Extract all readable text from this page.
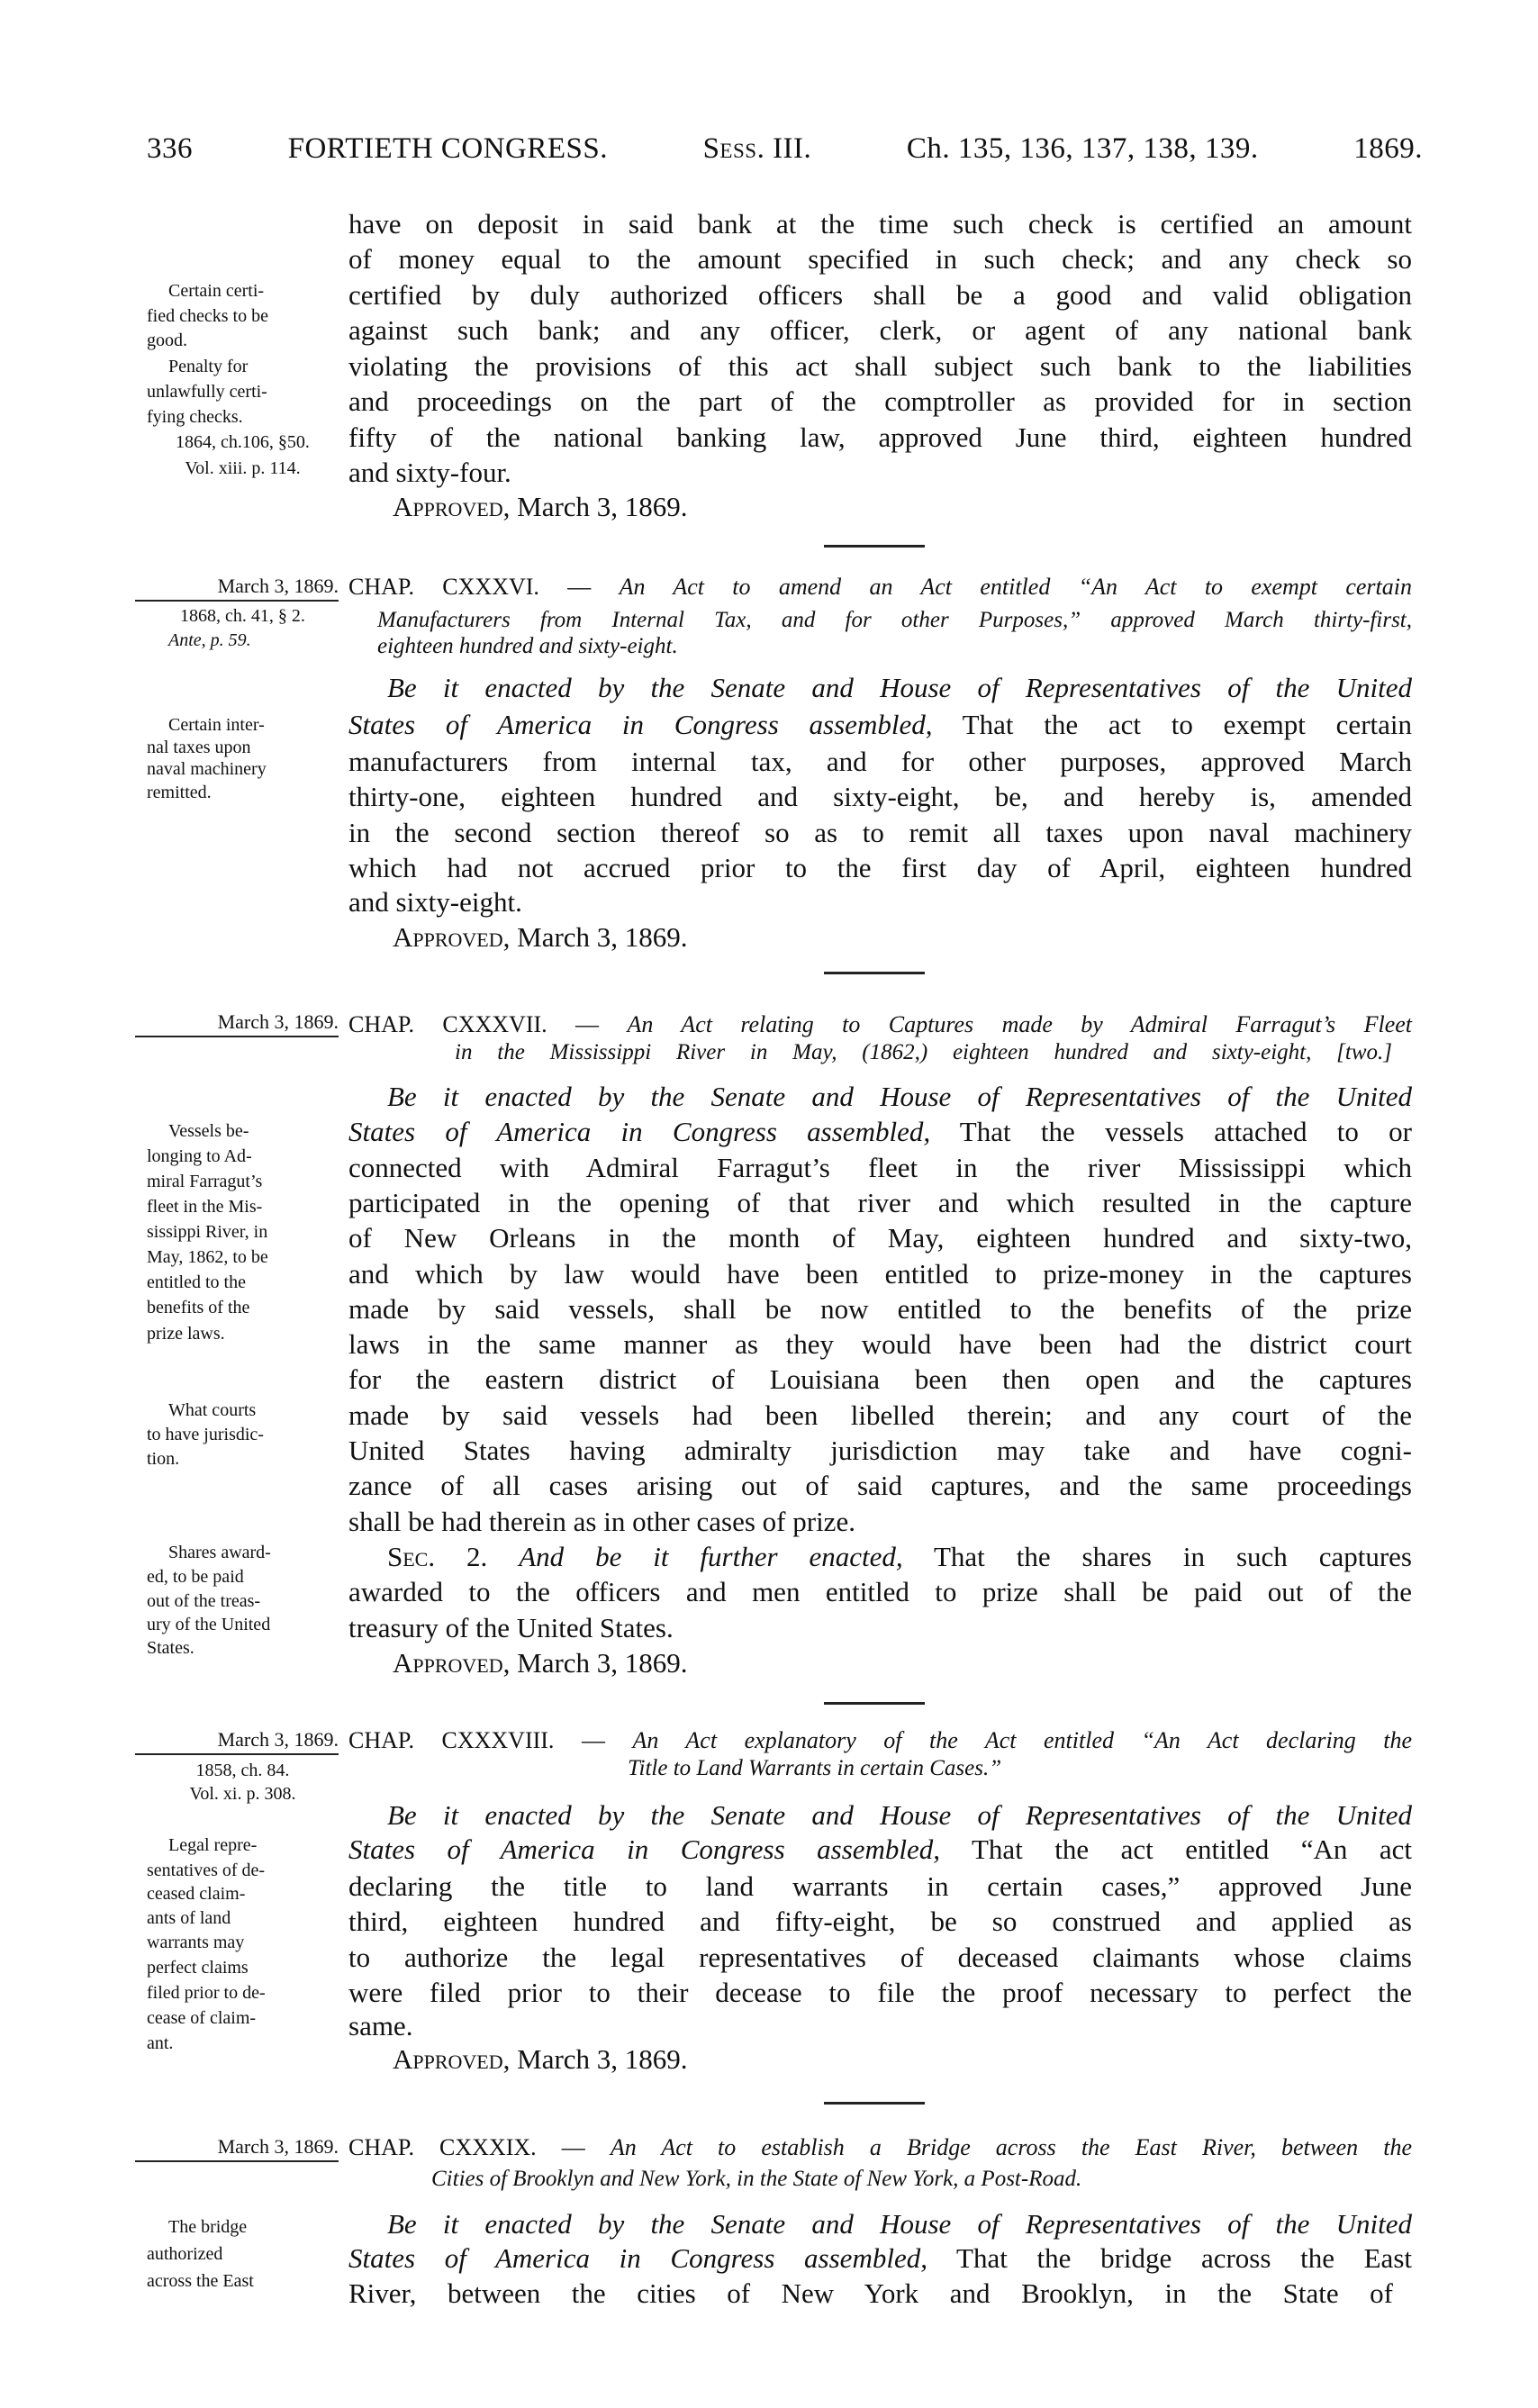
336	FORTIETH CONGRESS.	Sess. III.	Ch. 135, 136, 137, 138, 139.	1869.
Certain certi-
fied checks to be
good.
Penalty for
unlawfully certi-
fying checks.
1864, ch.106, §50.
Vol. xiii. p. 114.
have on deposit in said bank at the time such check is certified an amount
of money equal to the amount specified in such check; and any check so
certified by duly authorized officers shall be a good and valid obligation
against such bank; and any officer, clerk, or agent of any national bank
violating the provisions of this act shall subject such bank to the liabilities
and proceedings on the part of the comptroller as provided for in section
fifty of the national banking law, approved June third, eighteen hundred
and sixty-four.
Approved, March 3, 1869.
March 3, 1869.
1868, ch. 41, § 2.
Ante, p. 59.
Certain inter-
nal taxes upon
naval machinery
remitted.
CHAP. CXXXVI. — An Act to amend an Act entitled “An Act to exempt certain
Manufacturers from Internal Tax, and for other Purposes,” approved March thirty-first,
eighteen hundred and sixty-eight.
Be it enacted by the Senate and House of Representatives of the United
States of America in Congress assembled, That the act to exempt certain
manufacturers from internal tax, and for other purposes, approved March
thirty-one, eighteen hundred and sixty-eight, be, and hereby is, amended
in the second section thereof so as to remit all taxes upon naval machinery
which had not accrued prior to the first day of April, eighteen hundred
and sixty-eight.
Approved, March 3, 1869.
March 3, 1869.
Vessels be-
longing to Ad-
miral Farragut’s
fleet in the Mis-
sissippi River, in
May, 1862, to be
entitled to the
benefits of the
prize laws.
What courts
to have jurisdic-
tion.
Shares award-
ed, to be paid
out of the treas-
ury of the United
States.
CHAP. CXXXVII. — An Act relating to Captures made by Admiral Farragut’s Fleet
in the Mississippi River in May, (1862,) eighteen hundred and sixty-eight, [two.]
Be it enacted by the Senate and House of Representatives of the United
States of America in Congress assembled, That the vessels attached to or
connected with Admiral Farragut’s fleet in the river Mississippi which
participated in the opening of that river and which resulted in the capture
of New Orleans in the month of May, eighteen hundred and sixty-two,
and which by law would have been entitled to prize-money in the captures
made by said vessels, shall be now entitled to the benefits of the prize
laws in the same manner as they would have been had the district court
for the eastern district of Louisiana been then open and the captures
made by said vessels had been libelled therein; and any court of the
United States having admiralty jurisdiction may take and have cogni-
zance of all cases arising out of said captures, and the same proceedings
shall be had therein as in other cases of prize.
Sec. 2. And be it further enacted, That the shares in such captures
awarded to the officers and men entitled to prize shall be paid out of the
treasury of the United States.
Approved, March 3, 1869.
March 3, 1869.
1858, ch. 84.
Vol. xi. p. 308.
Legal repre-
sentatives of de-
ceased claim-
ants of land
warrants may
perfect claims
filed prior to de-
cease of claim-
ant.
CHAP. CXXXVIII. — An Act explanatory of the Act entitled “An Act declaring the
Title to Land Warrants in certain Cases.”
Be it enacted by the Senate and House of Representatives of the United
States of America in Congress assembled, That the act entitled “An act
declaring the title to land warrants in certain cases,” approved June
third, eighteen hundred and fifty-eight, be so construed and applied as
to authorize the legal representatives of deceased claimants whose claims
were filed prior to their decease to file the proof necessary to perfect the
same.
Approved, March 3, 1869.
March 3, 1869.
The bridge
authorized
across the East
CHAP. CXXXIX. — An Act to establish a Bridge across the East River, between the
Cities of Brooklyn and New York, in the State of New York, a Post-Road.
Be it enacted by the Senate and House of Representatives of the United
States of America in Congress assembled, That the bridge across the East
River, between the cities of New York and Brooklyn, in the State of
